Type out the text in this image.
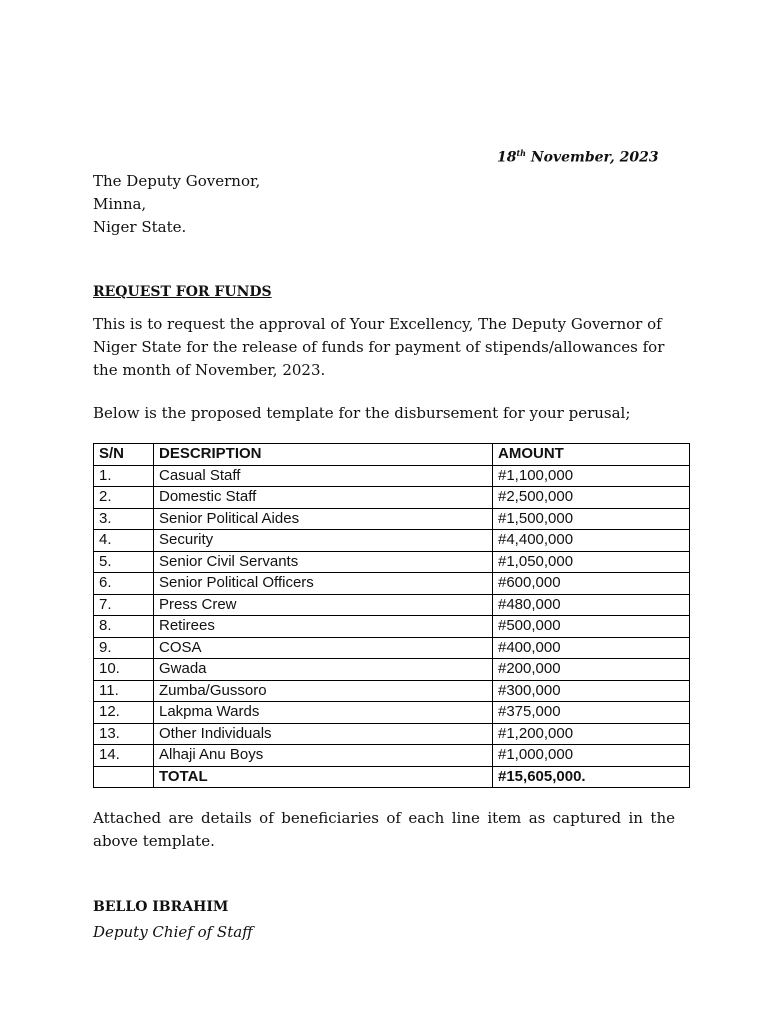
18th November, 2023
The Deputy Governor,
Minna,
Niger State.
REQUEST FOR FUNDS
This is to request the approval of Your Excellency, The Deputy Governor of
Niger State for the release of funds for payment of stipends/allowances for
the month of November, 2023.
Below is the proposed template for the disbursement for your perusal;
S/N	DESCRIPTION	AMOUNT
1.	Casual Staff	#1,100,000
2.	Domestic Staff	#2,500,000
3.	Senior Political Aides	#1,500,000
4.	Security	#4,400,000
5.	Senior Civil Servants	#1,050,000
6.	Senior Political Officers	#600,000
7.	Press Crew	#480,000
8.	Retirees	#500,000
9.	COSA	#400,000
10.	Gwada	#200,000
11.	Zumba/Gussoro	#300,000
12.	Lakpma Wards	#375,000
13.	Other Individuals	#1,200,000
14.	Alhaji Anu Boys	#1,000,000
	TOTAL	#15,605,000.
Attached are details of beneficiaries of each line item as captured in the above template.
BELLO IBRAHIM
Deputy Chief of Staff
